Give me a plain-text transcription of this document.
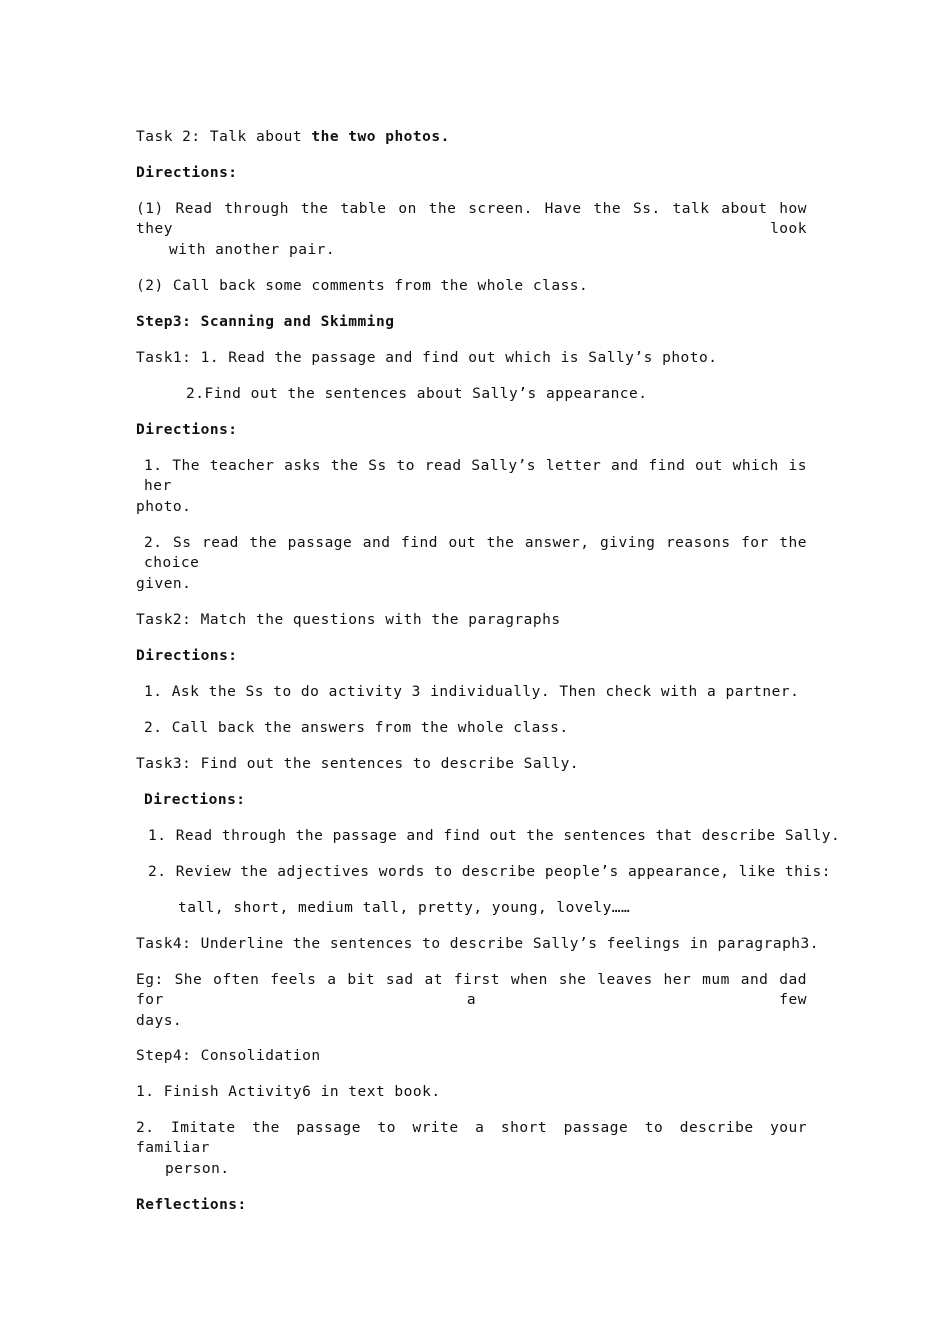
Task 2: Talk about the two photos.
Directions:
(1) Read through the table on the screen. Have the Ss. talk about how they look
with another pair.
(2) Call back some comments from the whole class.
Step3: Scanning and Skimming
Task1: 1. Read the passage and find out which is Sally’s photo.
2.Find out the sentences about Sally’s appearance.
Directions:
1. The teacher asks the Ss to read Sally’s letter and find out which is her
photo.
2. Ss read the passage and find out the answer, giving reasons for the choice
given.
Task2: Match the questions with the paragraphs
Directions:
1. Ask the Ss to do activity 3 individually. Then check with a partner.
2. Call back the answers from the whole class.
Task3: Find out the sentences to describe Sally.
Directions:
1. Read through the passage and find out the sentences that describe Sally.
2. Review the adjectives words to describe people’s appearance, like this:
tall, short, medium tall, pretty, young, lovely……
Task4: Underline the sentences to describe Sally’s feelings in paragraph3.
Eg: She often feels a bit sad at first when she leaves her mum and dad for a few
days.
Step4: Consolidation
1. Finish Activity6 in text book.
2. Imitate the passage to write a short passage to describe your familiar
person.
Reflections:
